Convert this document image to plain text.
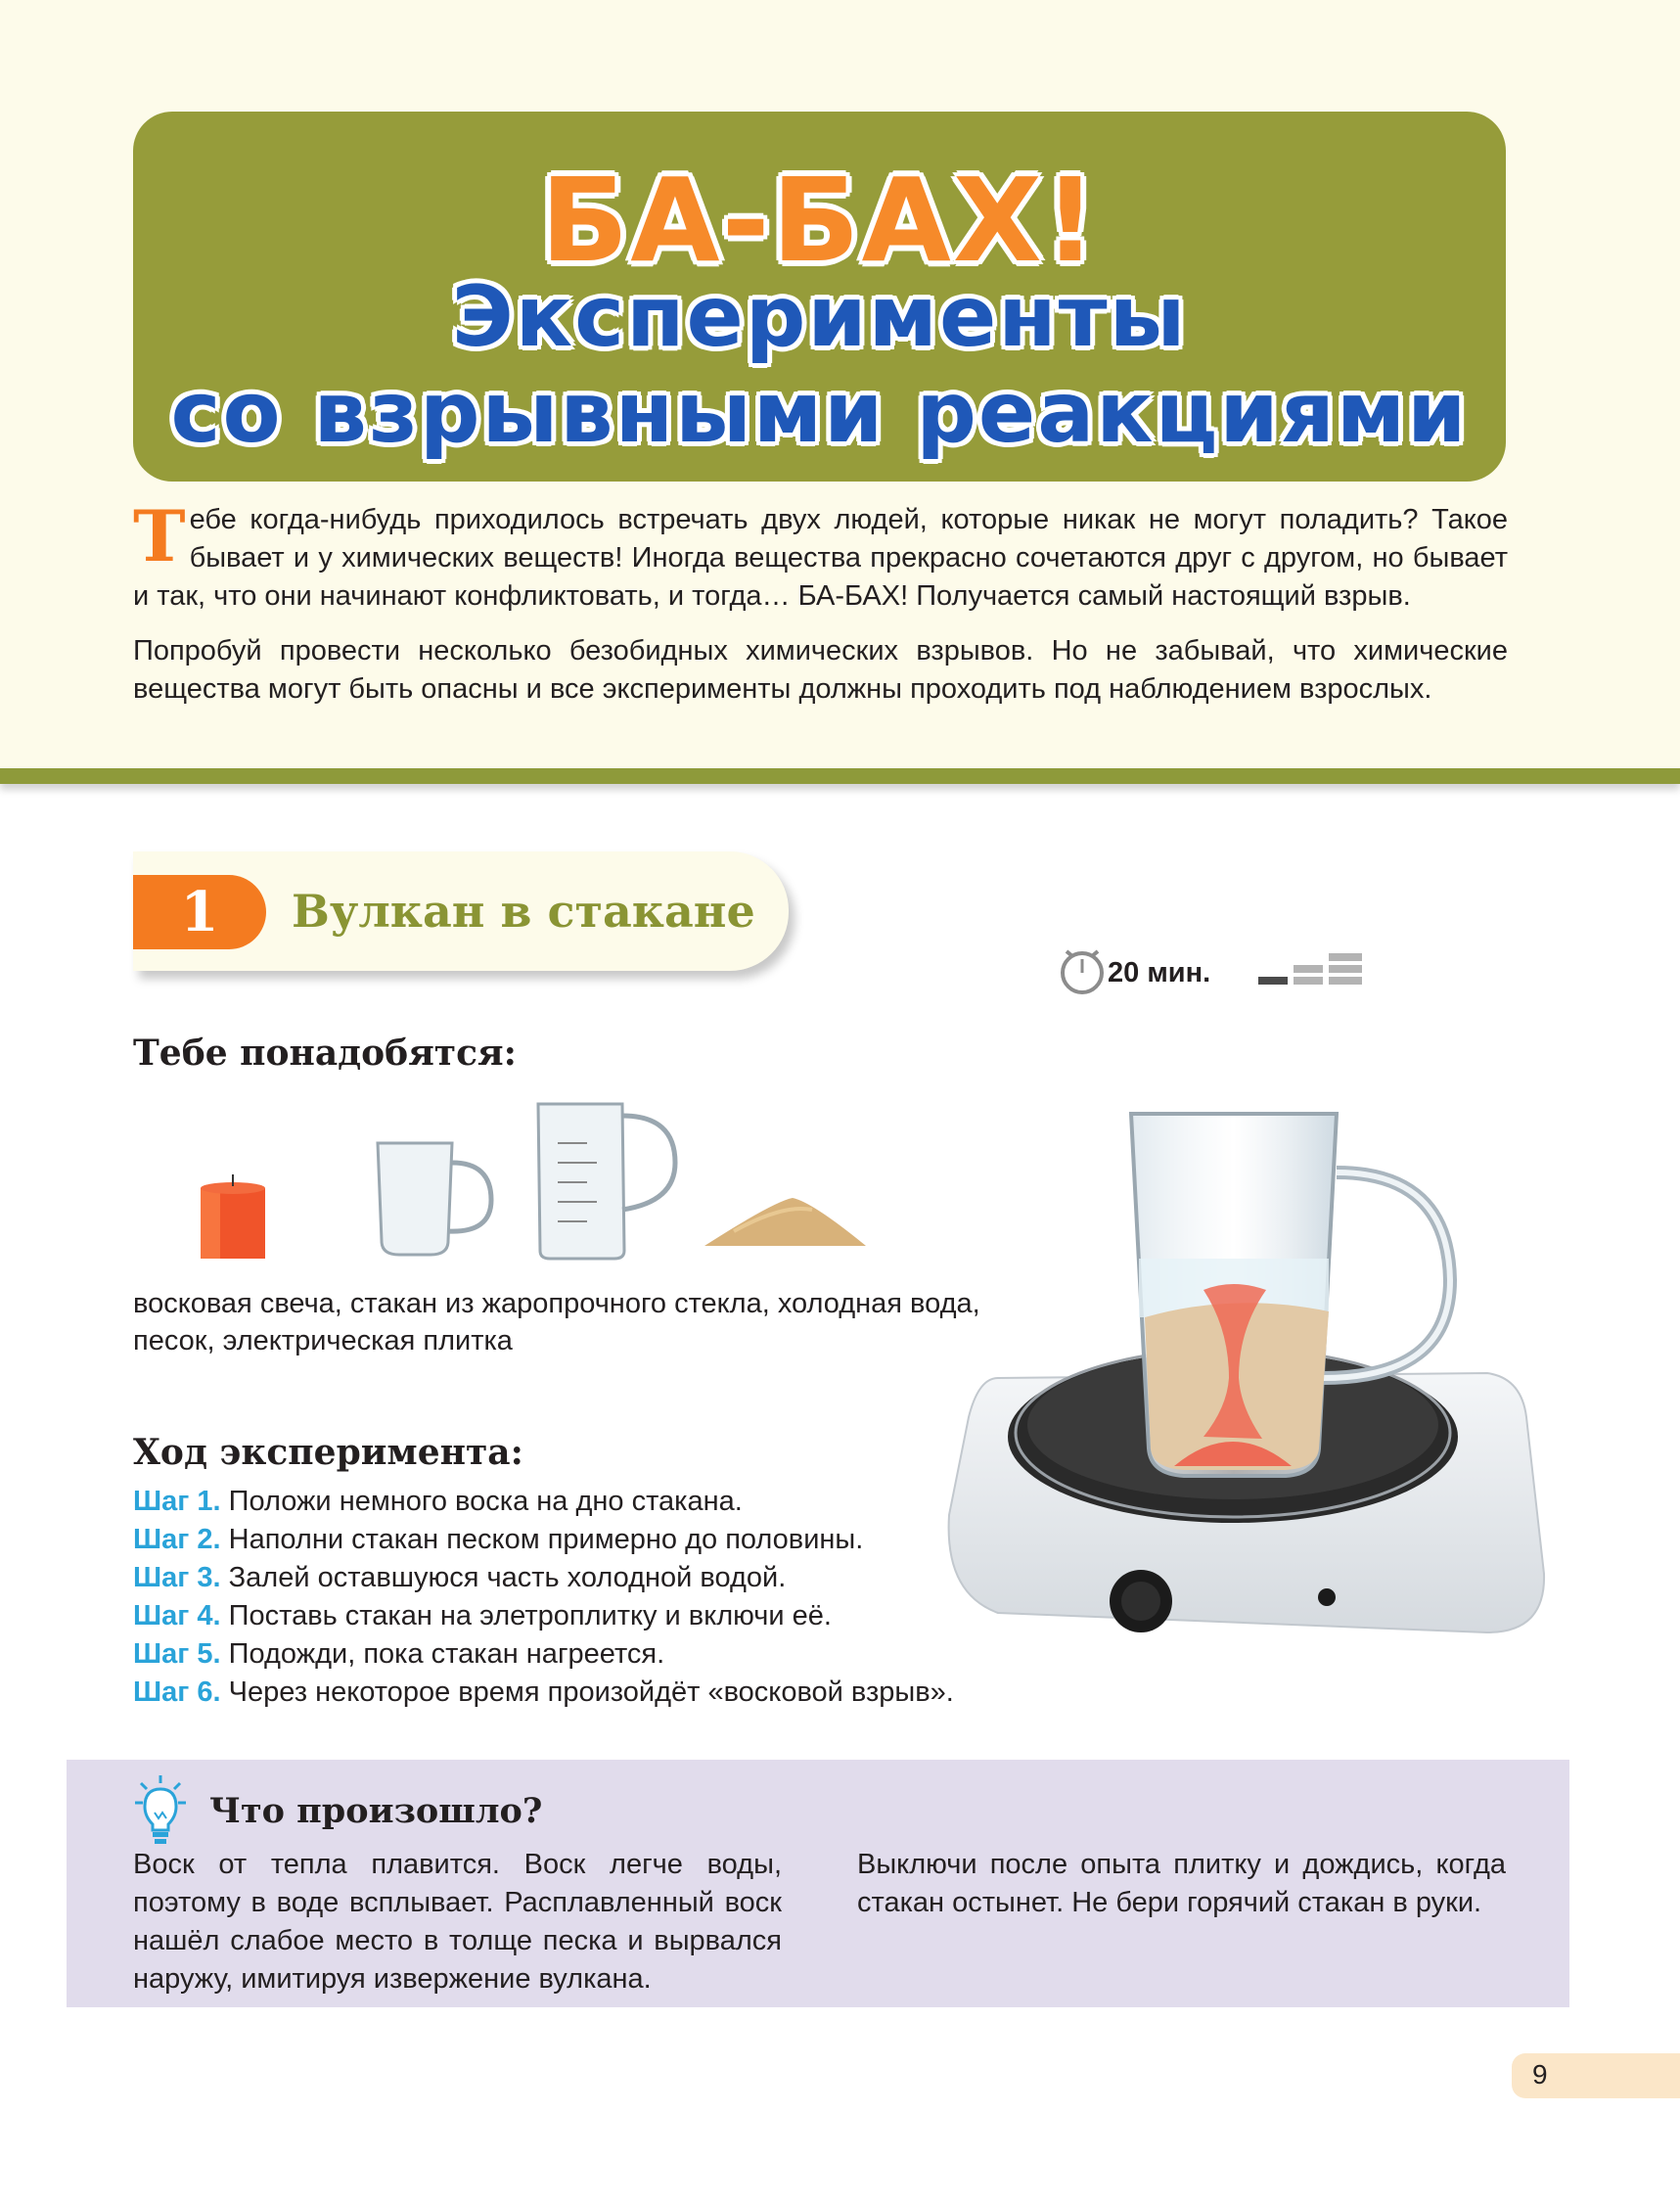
БА-БАХ!
Эксперименты
со взрывными реакциями

Тебе когда-нибудь приходилось встречать двух людей, которые никак не могут поладить? Такое бывает и у химических веществ! Иногда вещества прекрасно сочетаются друг с другом, но бывает и так, что они начинают конфликтовать, и тогда… БА-БАХ! Получается самый настоящий взрыв.

Попробуй провести несколько безобидных химических взрывов. Но не забывай, что химические вещества могут быть опасны и все эксперименты должны проходить под наблюдением взрослых.

1	Вулкан в стакане
20 мин.
Тебе понадобятся:
восковая свеча, стакан из жаропрочного стекла, холодная вода, песок, электрическая плитка
Ход эксперимента:
Шаг 1. Положи немного воска на дно стакана.
Шаг 2. Наполни стакан песком примерно до половины.
Шаг 3. Залей оставшуюся часть холодной водой.
Шаг 4. Поставь стакан на элетроплитку и включи её.
Шаг 5. Подожди, пока стакан нагреется.
Шаг 6. Через некоторое время произойдёт «восковой взрыв».
Что произошло?
Воск от тепла плавится. Воск легче воды, поэтому в воде всплывает. Расплавленный воск нашёл слабое место в толще песка и вырвался наружу, имитируя извержение вулкана.
Выключи после опыта плитку и дождись, когда стакан остынет. Не бери горячий стакан в руки.
9
